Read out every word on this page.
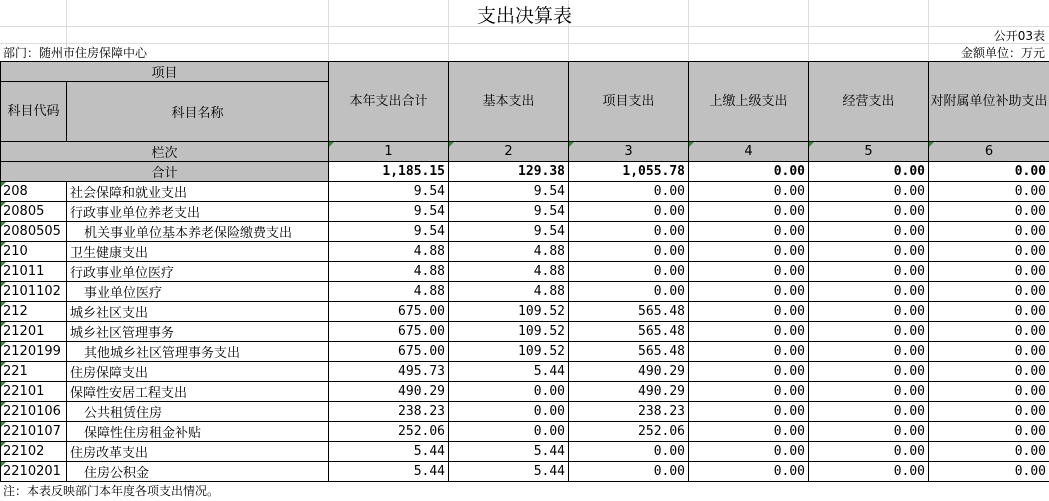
支出决算表
公开03表
部门：随州市住房保障中心	金额单位：万元
项目		本年支出合计	基本支出	项目支出	上缴上级支出	经营支出	对附属单位补助支出
科目代码	科目名称						

栏次		1	2	3	4	5	6
合计		1,185.15	129.38	1,055.78	0.00	0.00	0.00

208	社会保障和就业支出	9.54	9.54	0.00	0.00	0.00	0.00

20805	行政事业单位养老支出	9.54	9.54	0.00	0.00	0.00	0.00

2080505	机关事业单位基本养老保险缴费支出	9.54	9.54	0.00	0.00	0.00	0.00

210	卫生健康支出	4.88	4.88	0.00	0.00	0.00	0.00

21011	行政事业单位医疗	4.88	4.88	0.00	0.00	0.00	0.00

2101102	事业单位医疗	4.88	4.88	0.00	0.00	0.00	0.00

212	城乡社区支出	675.00	109.52	565.48	0.00	0.00	0.00

21201	城乡社区管理事务	675.00	109.52	565.48	0.00	0.00	0.00

2120199	其他城乡社区管理事务支出	675.00	109.52	565.48	0.00	0.00	0.00

221	住房保障支出	495.73	5.44	490.29	0.00	0.00	0.00

22101	保障性安居工程支出	490.29	0.00	490.29	0.00	0.00	0.00

2210106	公共租赁住房	238.23	0.00	238.23	0.00	0.00	0.00

2210107	保障性住房租金补贴	252.06	0.00	252.06	0.00	0.00	0.00

22102	住房改革支出	5.44	5.44	0.00	0.00	0.00	0.00

2210201	住房公积金	5.44	5.44	0.00	0.00	0.00	0.00
注：本表反映部门本年度各项支出情况。
